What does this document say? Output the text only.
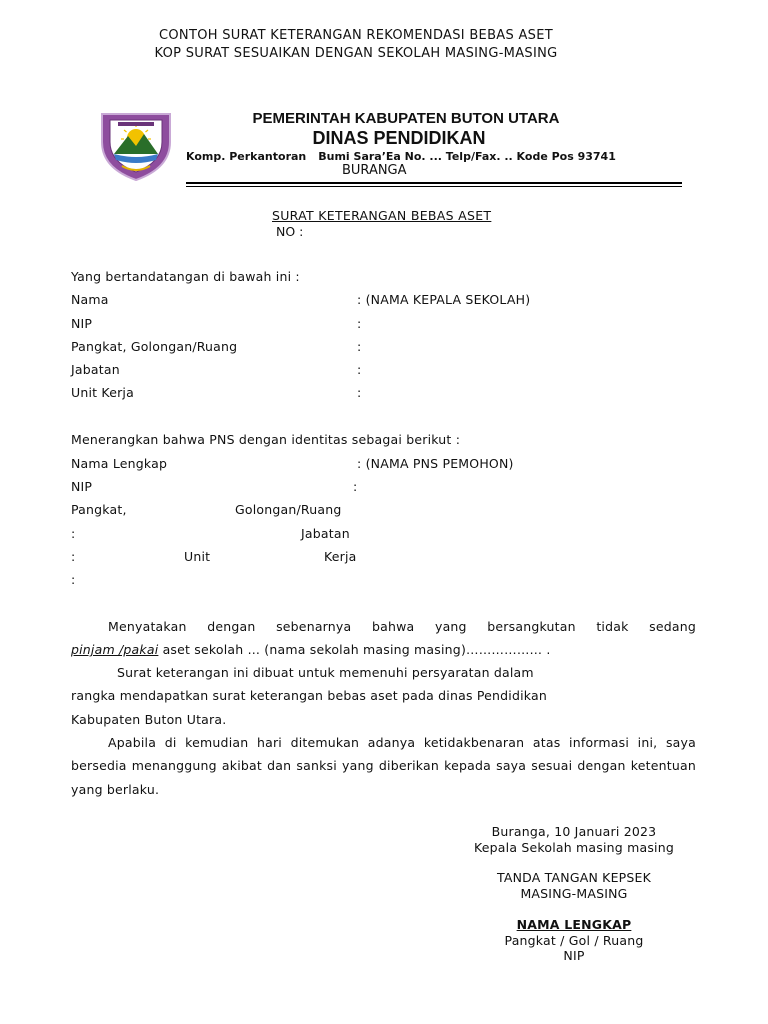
CONTOH SURAT KETERANGAN REKOMENDASI BEBAS ASET
KOP SURAT SESUAIKAN DENGAN SEKOLAH MASING-MASING
PEMERINTAH KABUPATEN BUTON UTARA
DINAS PENDIDIKAN
Komp. Perkantoran Bumi Sara’Ea No. ... Telp/Fax. .. Kode Pos 93741
BURANGA
SURAT KETERANGAN BEBAS ASET
NO :
Yang bertandatangan di bawah ini :
Nama	: (NAMA KEPALA SEKOLAH)
NIP	:
Pangkat, Golongan/Ruang	:
Jabatan	:
Unit Kerja	:
Menerangkan bahwa PNS dengan identitas sebagai berikut :
Nama Lengkap	: (NAMA PNS PEMOHON)
NIP	:
Pangkat,	Golongan/Ruang
:	Jabatan
:	Unit	Kerja
:

Menyatakan dengan sebenarnya bahwa yang bersangkutan tidak sedang

pinjam /pakai aset sekolah ... (nama sekolah masing masing)……………… .

Surat keterangan ini dibuat untuk memenuhi persyaratan dalam

rangka mendapatkan surat keterangan bebas aset pada dinas Pendidikan

Kabupaten Buton Utara.

Apabila di kemudian hari ditemukan adanya ketidakbenaran atas informasi ini, saya bersedia menanggung akibat dan sanksi yang diberikan kepada saya sesuai dengan ketentuan yang berlaku.

Buranga, 10 Januari 2023
Kepala Sekolah masing masing
TANDA TANGAN KEPSEK
MASING-MASING
NAMA LENGKAP
Pangkat / Gol / Ruang
NIP
